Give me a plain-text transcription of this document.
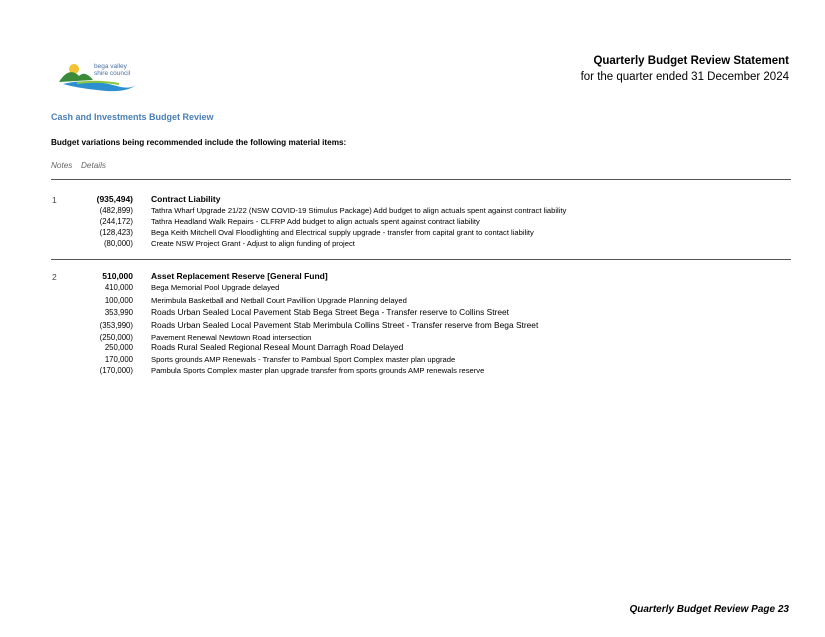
bega valley
shire council
Quarterly Budget Review Statement
for the quarter ended 31 December 2024
Cash and Investments Budget Review
Budget variations being recommended include the following material items:
Notes Details
1	(935,494) Contract Liability
(482,899) Tathra Wharf Upgrade 21/22 (NSW COVID-19 Stimulus Package) Add budget to align actuals spent against contract liability
(244,172) Tathra Headland Walk Repairs - CLFRP Add budget to align actuals spent against contract liability
(128,423) Bega Keith Mitchell Oval Floodlighting and Electrical supply upgrade - transfer from capital grant to contact liability
(80,000) Create NSW Project Grant - Adjust to align funding of project
2	510,000 Asset Replacement Reserve [General Fund]
410,000 Bega Memorial Pool Upgrade delayed
100,000 Merimbula Basketball and Netball Court Pavillion Upgrade Planning delayed
353,990 Roads Urban Sealed Local Pavement Stab Bega Street Bega - Transfer reserve to Collins Street
(353,990) Roads Urban Sealed Local Pavement Stab Merimbula Collins Street - Transfer reserve from Bega Street
(250,000) Pavement Renewal Newtown Road intersection
250,000 Roads Rural Sealed Regional Reseal Mount Darragh Road Delayed
170,000 Sports grounds AMP Renewals - Transfer to Pambual Sport Complex master plan upgrade
(170,000) Pambula Sports Complex master plan upgrade transfer from sports grounds AMP renewals reserve
Quarterly Budget Review Page 23
